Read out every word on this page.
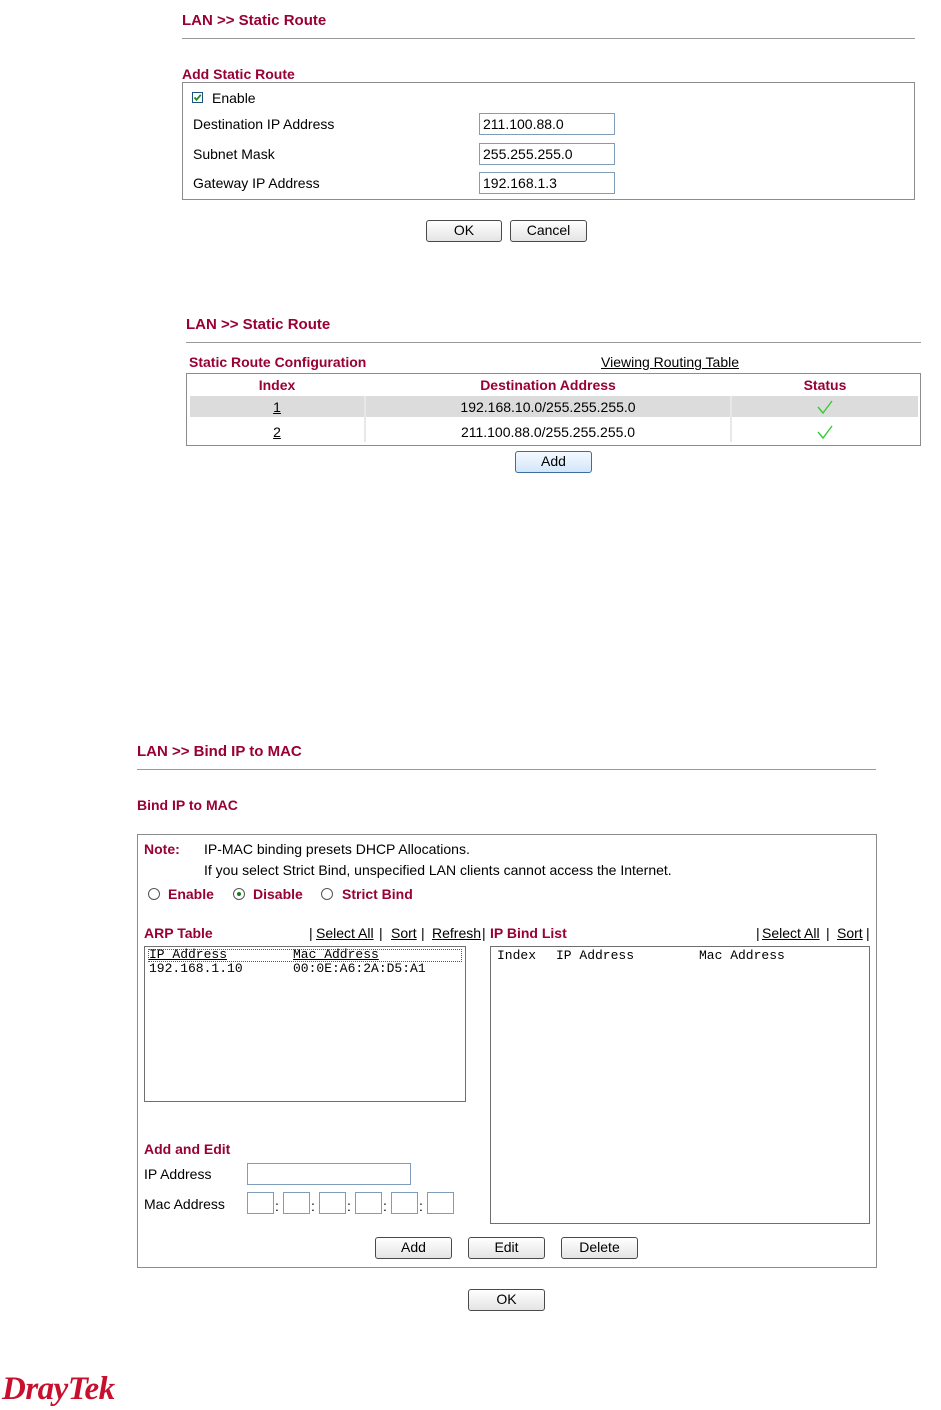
LAN >> Static Route
Add Static Route
Enable
Destination IP Address	211.100.88.0
Subnet Mask	255.255.255.0
Gateway IP Address	192.168.1.3
OK	Cancel
LAN >> Static Route
Static Route Configuration	Viewing Routing Table
Index	Destination Address	Status
1	192.168.10.0/255.255.255.0
2	211.100.88.0/255.255.255.0
Add
LAN >> Bind IP to MAC
Bind IP to MAC
Note: IP-MAC binding presets DHCP Allocations.
If you select Strict Bind, unspecified LAN clients cannot access the Internet.
Enable	Disable	Strict Bind
ARP Table	| Select All | Sort | Refresh | IP Bind List	| Select All | Sort |
IP Address	Mac Address
192.168.1.10	00:0E:A6:2A:D5:A1
Index IP Address	Mac Address
Add and Edit
IP Address
Mac Address	: : : : :
Add	Edit	Delete
OK
DrayTek
